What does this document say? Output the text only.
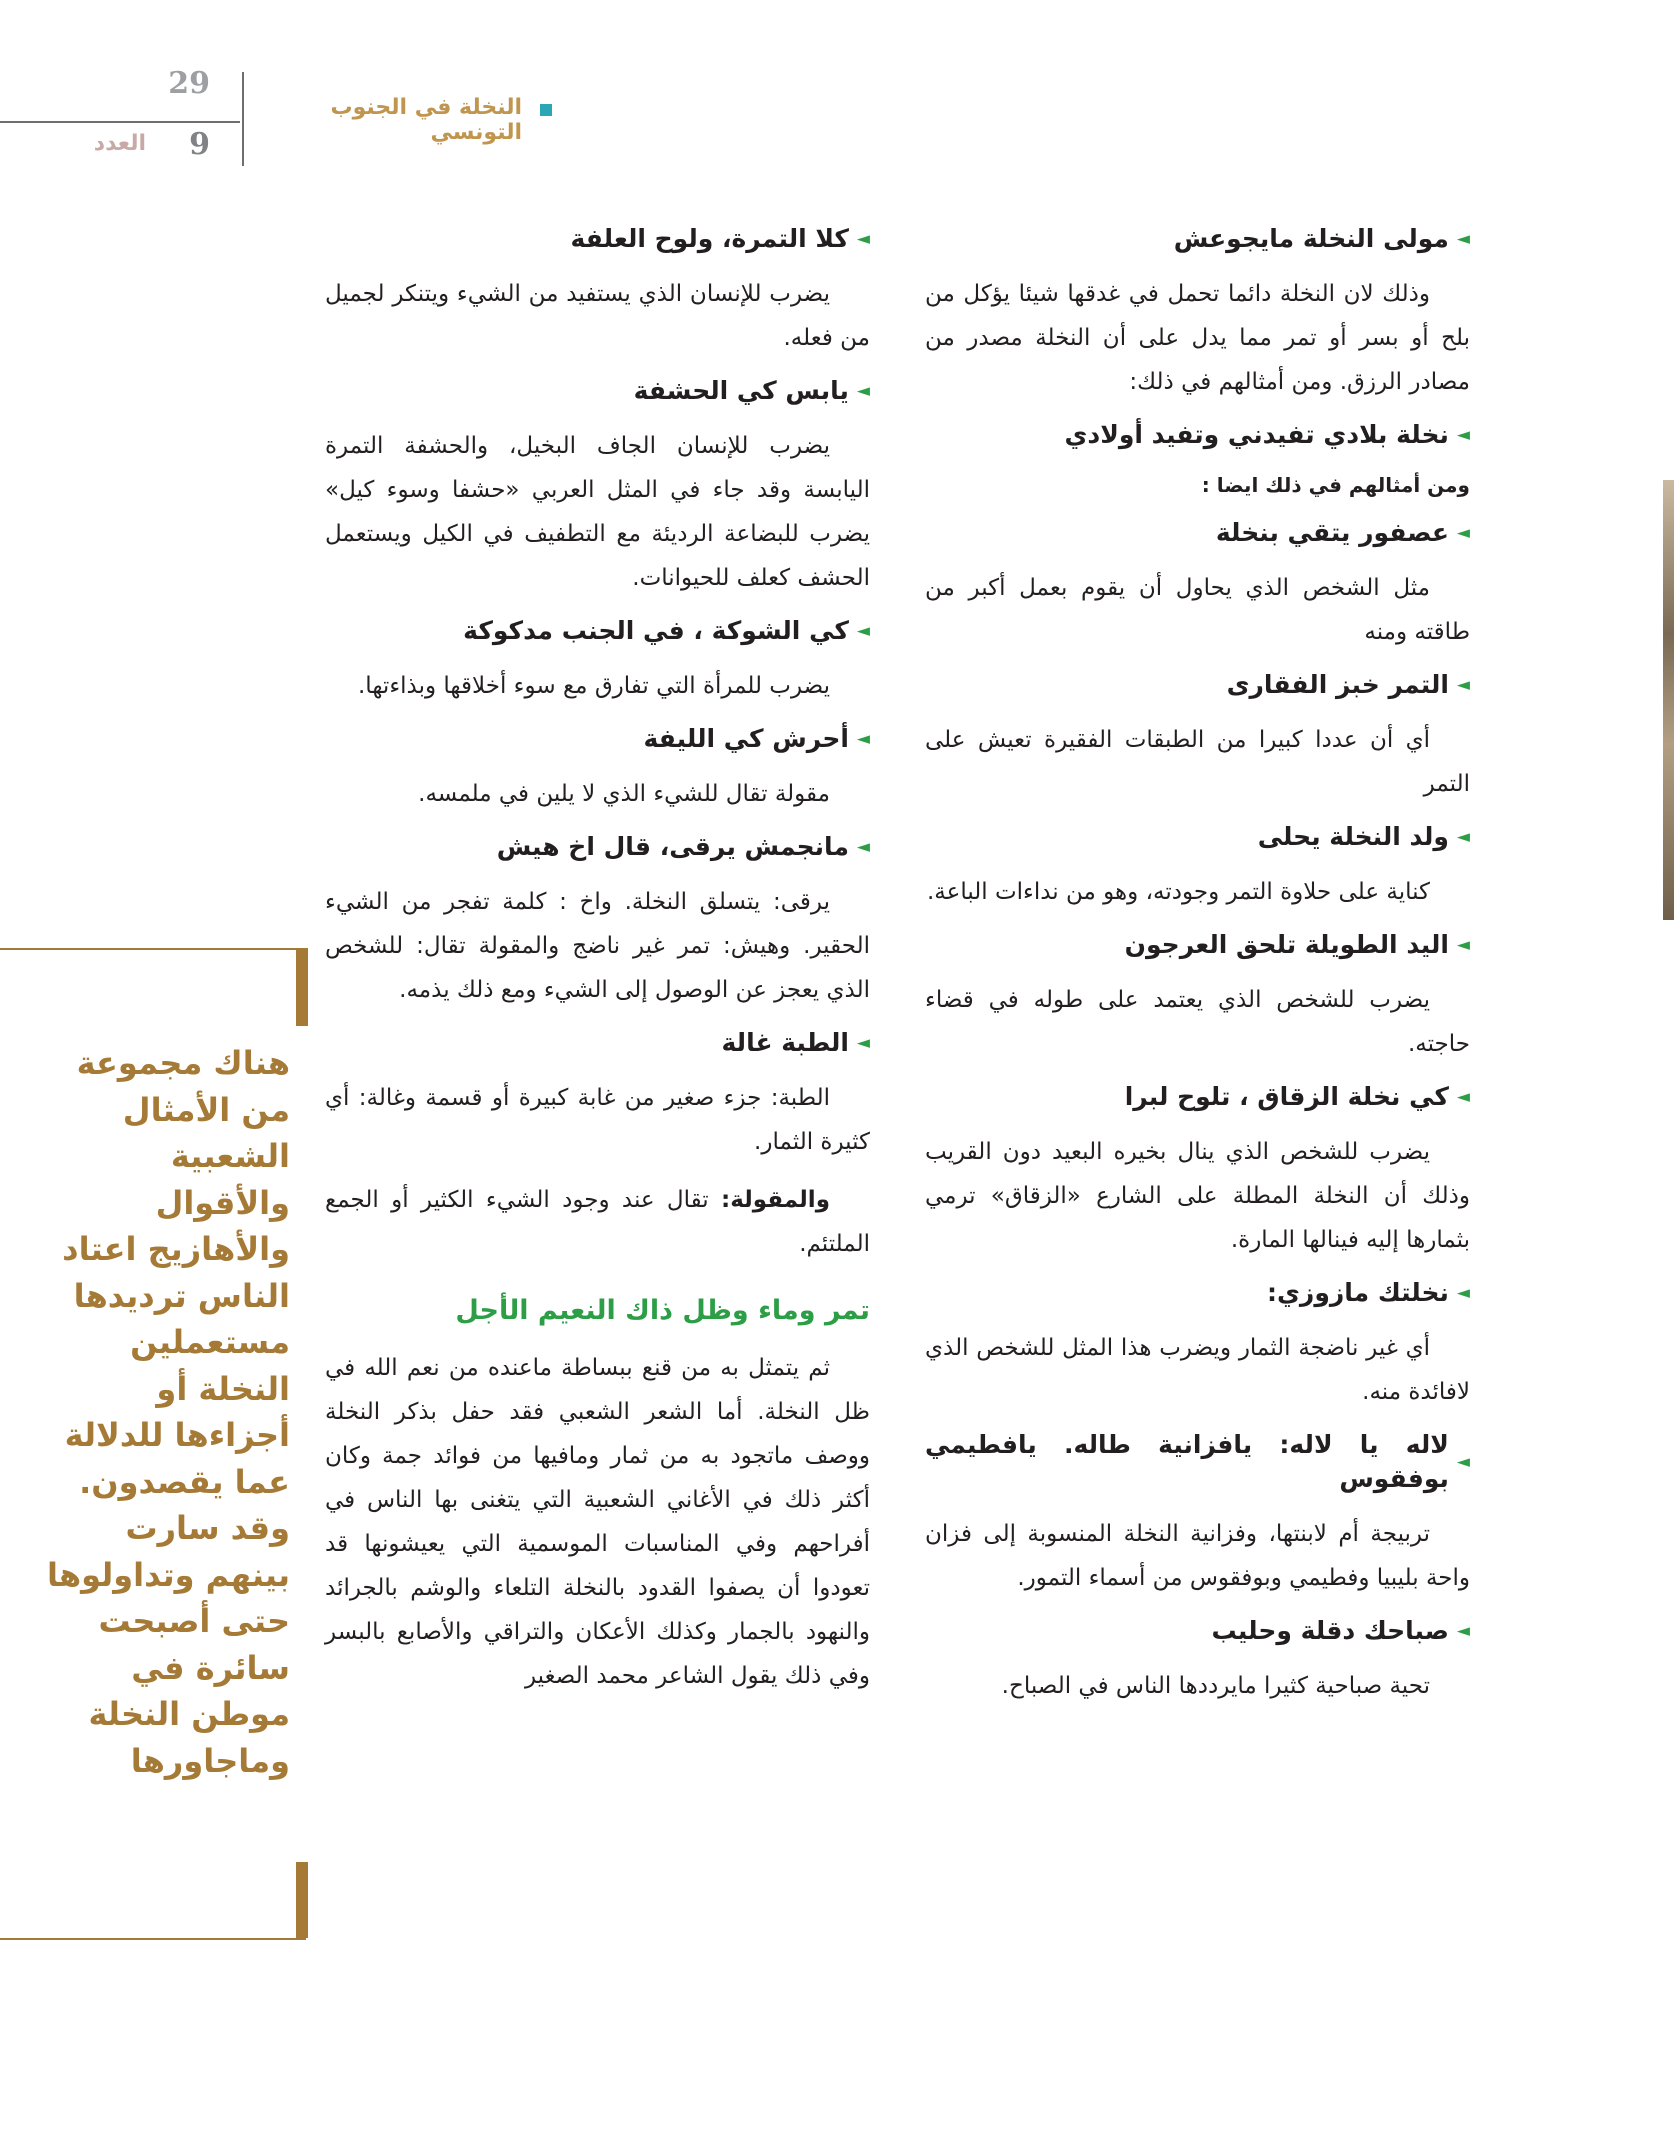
29
9
العدد
النخلة في الجنوب التونسي
◄
مولى النخلة مايجوعش
وذلك لان النخلة دائما تحمل في غدقها شيئا يؤكل من بلح أو بسر أو تمر مما يدل على أن النخلة مصدر من مصادر الرزق. ومن أمثالهم في ذلك:
◄
نخلة بلادي تفيدني وتفيد أولادي
ومن أمثالهم في ذلك ايضا :
◄
عصفور يتقي بنخلة
مثل الشخص الذي يحاول أن يقوم بعمل أكبر من طاقته ومنه
◄
التمر خبز الفقارى
أي أن عددا كبيرا من الطبقات الفقيرة تعيش على التمر
◄
ولد النخلة يحلى
كناية على حلاوة التمر وجودته، وهو من نداءات الباعة.
◄
اليد الطويلة تلحق العرجون
يضرب للشخص الذي يعتمد على طوله في قضاء حاجته.
◄
كي نخلة الزقاق ، تلوح لبرا
يضرب للشخص الذي ينال بخيره البعيد دون القريب وذلك أن النخلة المطلة على الشارع «الزقاق» ترمي بثمارها إليه فينالها المارة.
◄
نخلتك مازوزي:
أي غير ناضجة الثمار ويضرب هذا المثل للشخص الذي لافائدة منه.
◄
لاله يا لاله: يافزانية طاله. يافطيمي بوفقوس
تربيجة أم لابنتها، وفزانية النخلة المنسوبة إلى فزان واحة بليبيا وفطيمي وبوفقوس من أسماء التمور.
◄
صباحك دقلة وحليب
تحية صباحية كثيرا مايرددها الناس في الصباح.
◄
كلا التمرة، ولوح العلفة
يضرب للإنسان الذي يستفيد من الشيء ويتنكر لجميل من فعله.
◄
يابس كي الحشفة
يضرب للإنسان الجاف البخيل، والحشفة التمرة اليابسة وقد جاء في المثل العربي «حشفا وسوء كيل» يضرب للبضاعة الرديئة مع التطفيف في الكيل ويستعمل الحشف كعلف للحيوانات.
◄
كي الشوكة ، في الجنب مدكوكة
يضرب للمرأة التي تفارق مع سوء أخلاقها وبذاءتها.
◄
أحرش كي الليفة
مقولة تقال للشيء الذي لا يلين في ملمسه.
◄
مانجمش يرقى، قال اخ هيش
يرقى: يتسلق النخلة. واخ : كلمة تفجر من الشيء الحقير. وهيش: تمر غير ناضج والمقولة تقال: للشخص الذي يعجز عن الوصول إلى الشيء ومع ذلك يذمه.
◄
الطبة غالة
الطبة: جزء صغير من غابة كبيرة أو قسمة وغالة: أي كثيرة الثمار.
والمقولة: تقال عند وجود الشيء الكثير أو الجمع الملتئم.
تمر وماء وظل ذاك النعيم الأجل
ثم يتمثل به من قنع ببساطة ماعنده من نعم الله في ظل النخلة. أما الشعر الشعبي فقد حفل بذكر النخلة ووصف ماتجود به من ثمار ومافيها من فوائد جمة وكان أكثر ذلك في الأغاني الشعبية التي يتغنى بها الناس في أفراحهم وفي المناسبات الموسمية التي يعيشونها قد تعودوا أن يصفوا القدود بالنخلة التلعاء والوشم بالجرائد والنهود بالجمار وكذلك الأعكان والتراقي والأصابع بالبسر وفي ذلك يقول الشاعر محمد الصغير
هناك مجموعة من الأمثال الشعبية والأقوال والأهازيج اعتاد الناس ترديدها مستعملين النخلة أو أجزاءها للدلالة عما يقصدون. وقد سارت بينهم وتداولوها حتى أصبحت سائرة في موطن النخلة وماجاورها
